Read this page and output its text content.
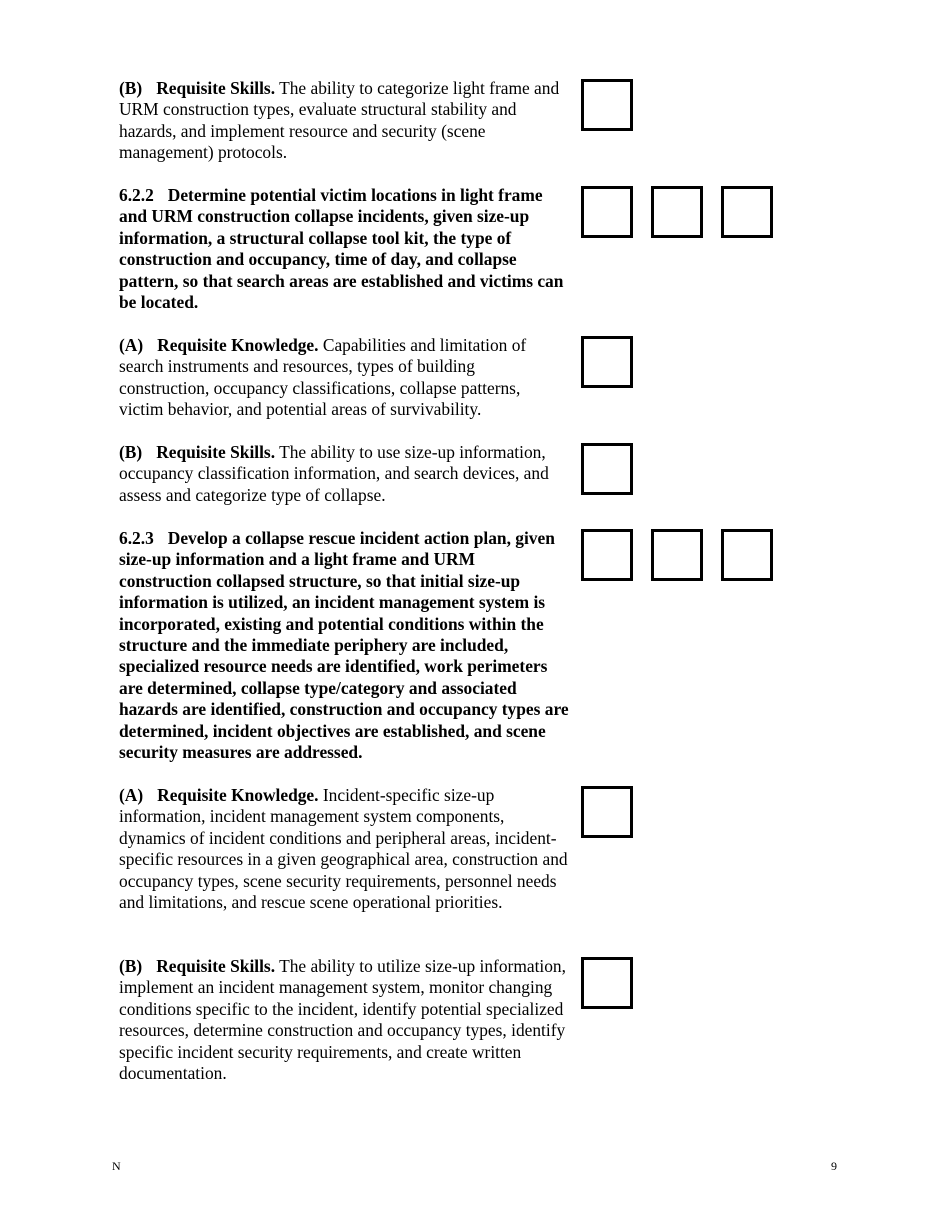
(B) Requisite Skills. The ability to categorize light frame and URM construction types, evaluate structural stability and hazards, and implement resource and security (scene management) protocols.

6.2.2 Determine potential victim locations in light frame and URM construction collapse incidents, given size-up information, a structural collapse tool kit, the type of construction and occupancy, time of day, and collapse pattern, so that search areas are established and victims can be located.

(A) Requisite Knowledge. Capabilities and limitation of search instruments and resources, types of building construction, occupancy classifications, collapse patterns, victim behavior, and potential areas of survivability.

(B) Requisite Skills. The ability to use size-up information, occupancy classification information, and search devices, and assess and categorize type of collapse.

6.2.3 Develop a collapse rescue incident action plan, given size-up information and a light frame and URM construction collapsed structure, so that initial size-up information is utilized, an incident management system is incorporated, existing and potential conditions within the structure and the immediate periphery are included, specialized resource needs are identified, work perimeters are determined, collapse type/category and associated hazards are identified, construction and occupancy types are determined, incident objectives are established, and scene security measures are addressed.

(A) Requisite Knowledge. Incident-specific size-up information, incident management system components, dynamics of incident conditions and peripheral areas, incident-specific resources in a given geographical area, construction and occupancy types, scene security requirements, personnel needs and limitations, and rescue scene operational priorities.

(B) Requisite Skills. The ability to utilize size-up information, implement an incident management system, monitor changing conditions specific to the incident, identify potential specialized resources, determine construction and occupancy types, identify specific incident security requirements, and create written documentation.

N	9
